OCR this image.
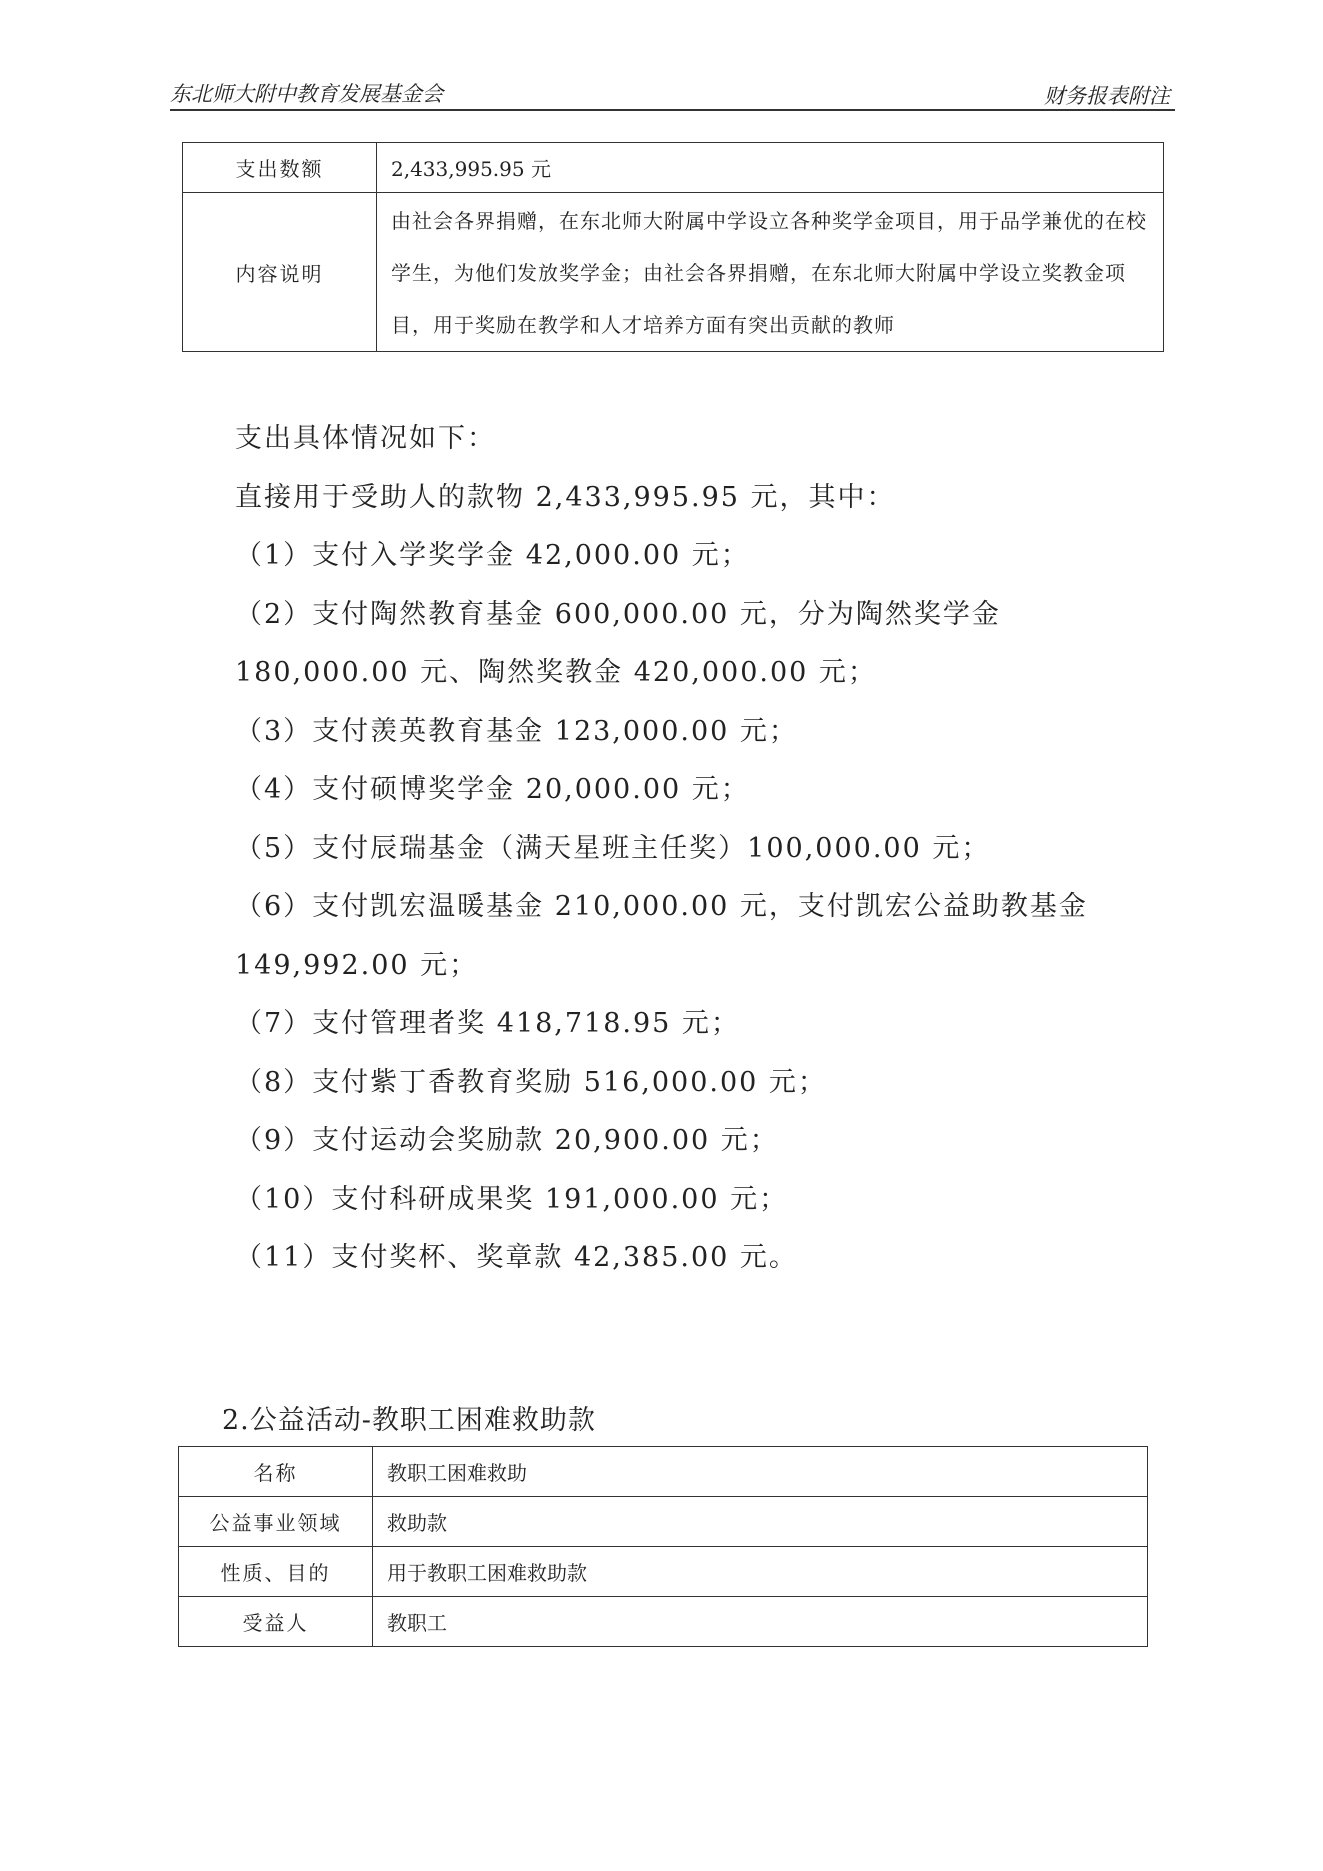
东北师大附中教育发展基金会	财务报表附注
支出数额	2,433,995.95 元
内容说明	由社会各界捐赠，在东北师大附属中学设立各种奖学金项目，用于品学兼优的在校学生，为他们发放奖学金；由社会各界捐赠，在东北师大附属中学设立奖教金项目，用于奖励在教学和人才培养方面有突出贡献的教师

支出具体情况如下：

直接用于受助人的款物 2,433,995.95 元，其中：

（1）支付入学奖学金 42,000.00 元；

（2）支付陶然教育基金 600,000.00 元，分为陶然奖学金 180,000.00 元、陶然奖教金 420,000.00 元；

（3）支付羡英教育基金 123,000.00 元；

（4）支付硕博奖学金 20,000.00 元；

（5）支付辰瑞基金（满天星班主任奖）100,000.00 元；

（6）支付凯宏温暖基金 210,000.00 元，支付凯宏公益助教基金 149,992.00 元；

（7）支付管理者奖 418,718.95 元；

（8）支付紫丁香教育奖励 516,000.00 元；

（9）支付运动会奖励款 20,900.00 元；

（10）支付科研成果奖 191,000.00 元；

（11）支付奖杯、奖章款 42,385.00 元。

2.公益活动-教职工困难救助款
名称	教职工困难救助
公益事业领域	救助款
性质、目的	用于教职工困难救助款
受益人	教职工
